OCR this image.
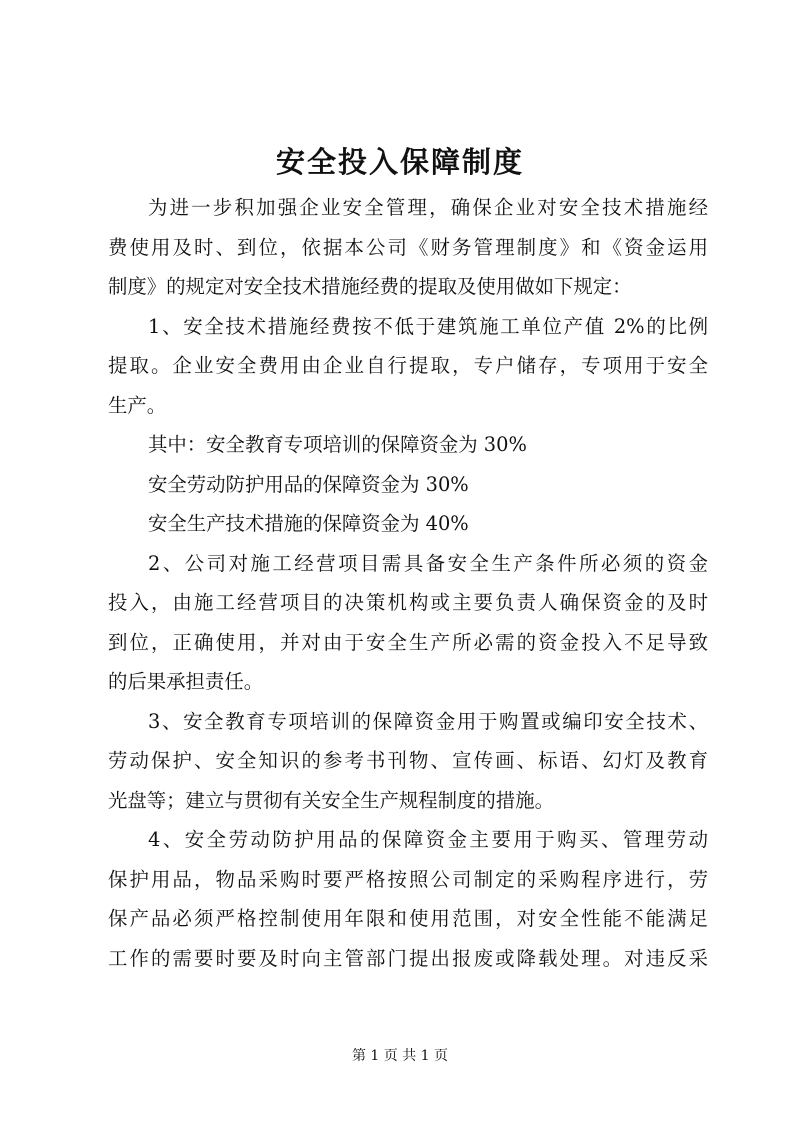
安全投入保障制度
为进一步积加强企业安全管理，确保企业对安全技术措施经
费使用及时、到位，依据本公司《财务管理制度》和《资金运用
制度》的规定对安全技术措施经费的提取及使用做如下规定：
1、安全技术措施经费按不低于建筑施工单位产值 2%的比例
提取。企业安全费用由企业自行提取，专户储存，专项用于安全
生产。
其中：安全教育专项培训的保障资金为 30%
安全劳动防护用品的保障资金为 30%
安全生产技术措施的保障资金为 40%
2、公司对施工经营项目需具备安全生产条件所必须的资金
投入，由施工经营项目的决策机构或主要负责人确保资金的及时
到位，正确使用，并对由于安全生产所必需的资金投入不足导致
的后果承担责任。
3、安全教育专项培训的保障资金用于购置或编印安全技术、
劳动保护、安全知识的参考书刊物、宣传画、标语、幻灯及教育
光盘等；建立与贯彻有关安全生产规程制度的措施。
4、安全劳动防护用品的保障资金主要用于购买、管理劳动
保护用品，物品采购时要严格按照公司制定的采购程序进行，劳
保产品必须严格控制使用年限和使用范围，对安全性能不能满足
工作的需要时要及时向主管部门提出报废或降载处理。对违反采
第 1 页 共 1 页
